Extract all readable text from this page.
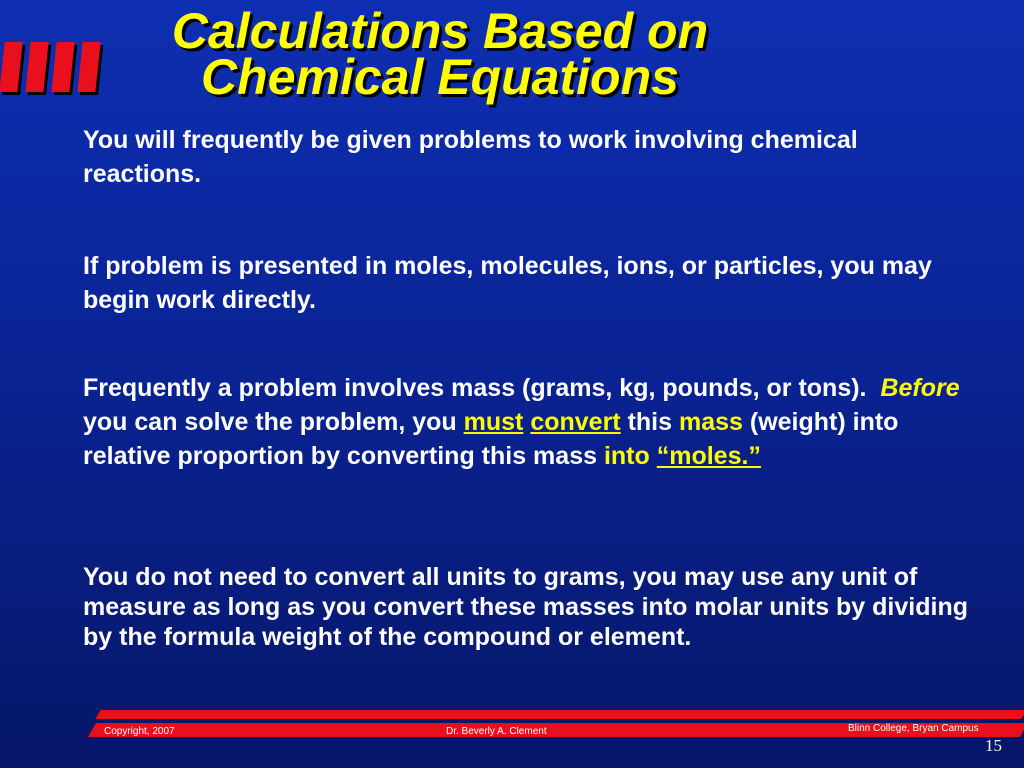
Calculations Based on
Chemical Equations

You will frequently be given problems to work involving chemical reactions.

If problem is presented in moles, molecules, ions, or particles, you may begin work directly.

Frequently a problem involves mass (grams, kg, pounds, or tons). Before you can solve the problem, you must convert this mass (weight) into relative proportion by converting this mass into “moles.”

You do not need to convert all units to grams, you may use any unit of measure as long as you convert these masses into molar units by dividing by the formula weight of the compound or element.

Copyright, 2007	Dr. Beverly A. Clement	Blinn College, Bryan Campus
15
